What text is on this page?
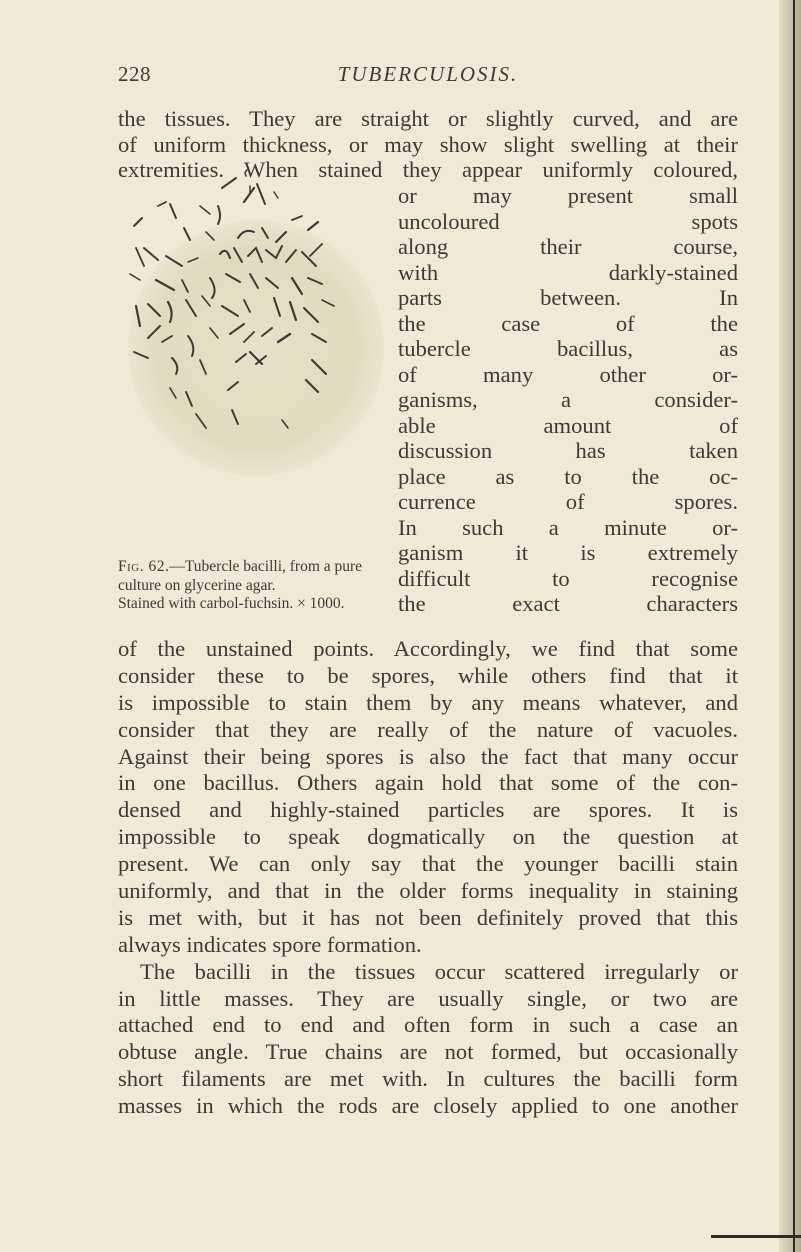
228	TUBERCULOSIS.
the tissues. They are straight or slightly curved, and are
of uniform thickness, or may show slight swelling at their
extremities. When stained they appear uniformly coloured,
or may present small
uncoloured spots
along their course,
with darkly-stained
parts between. In
the case of the
tubercle bacillus, as
of many other or-
ganisms, a consider-
able amount of
discussion has taken
place as to the oc-
currence of spores.
In such a minute or-
ganism it is extremely
difficult to recognise
the exact characters
Fig. 62.—Tubercle bacilli, from a pure
culture on glycerine agar.
Stained with carbol-fuchsin. × 1000.
of the unstained points. Accordingly, we find that some
consider these to be spores, while others find that it
is impossible to stain them by any means whatever, and
consider that they are really of the nature of vacuoles.
Against their being spores is also the fact that many occur
in one bacillus. Others again hold that some of the con-
densed and highly-stained particles are spores. It is
impossible to speak dogmatically on the question at
present. We can only say that the younger bacilli stain
uniformly, and that in the older forms inequality in staining
is met with, but it has not been definitely proved that this
always indicates spore formation.
The bacilli in the tissues occur scattered irregularly or
in little masses. They are usually single, or two are
attached end to end and often form in such a case an
obtuse angle. True chains are not formed, but occasionally
short filaments are met with. In cultures the bacilli form
masses in which the rods are closely applied to one another
